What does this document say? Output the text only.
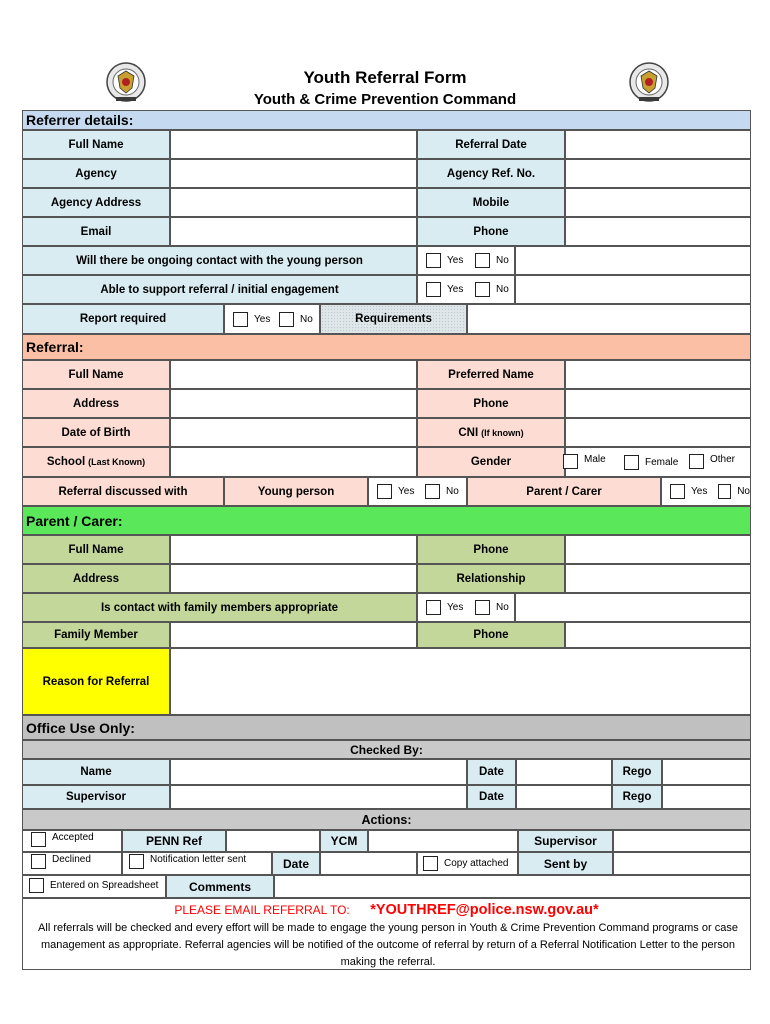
Youth Referral Form
Youth & Crime Prevention Command
Referrer details:
Full Name	Referral Date
Agency	Agency Ref. No.
Agency Address	Mobile
Email	Phone
Will there be ongoing contact with the young person	Yes	No
Able to support referral / initial engagement	Yes	No
Report required	Yes	No	Requirements
Referral:
Full Name	Preferred Name
Address	Phone
Date of Birth	CNI (If known)
School (Last Known)	Gender	Male	Female	Other
Referral discussed with	Young person	Yes	No	Parent / Carer	Yes	No
Parent / Carer:
Full Name	Phone
Address	Relationship
Is contact with family members appropriate	Yes	No
Family Member	Phone
Reason for Referral
Office Use Only:
Checked By:
Name	Date	Rego
Supervisor	Date	Rego
Actions:
Accepted	PENN Ref	YCM	Supervisor
Declined	Notification letter sent	Date	Copy attached	Sent by
Entered on Spreadsheet	Comments
PLEASE EMAIL REFERRAL TO: *YOUTHREF@police.nsw.gov.au*
All referrals will be checked and every effort will be made to engage the young person in Youth & Crime Prevention Command programs or case management as appropriate. Referral agencies will be notified of the outcome of referral by return of a Referral Notification Letter to the person making the referral.
